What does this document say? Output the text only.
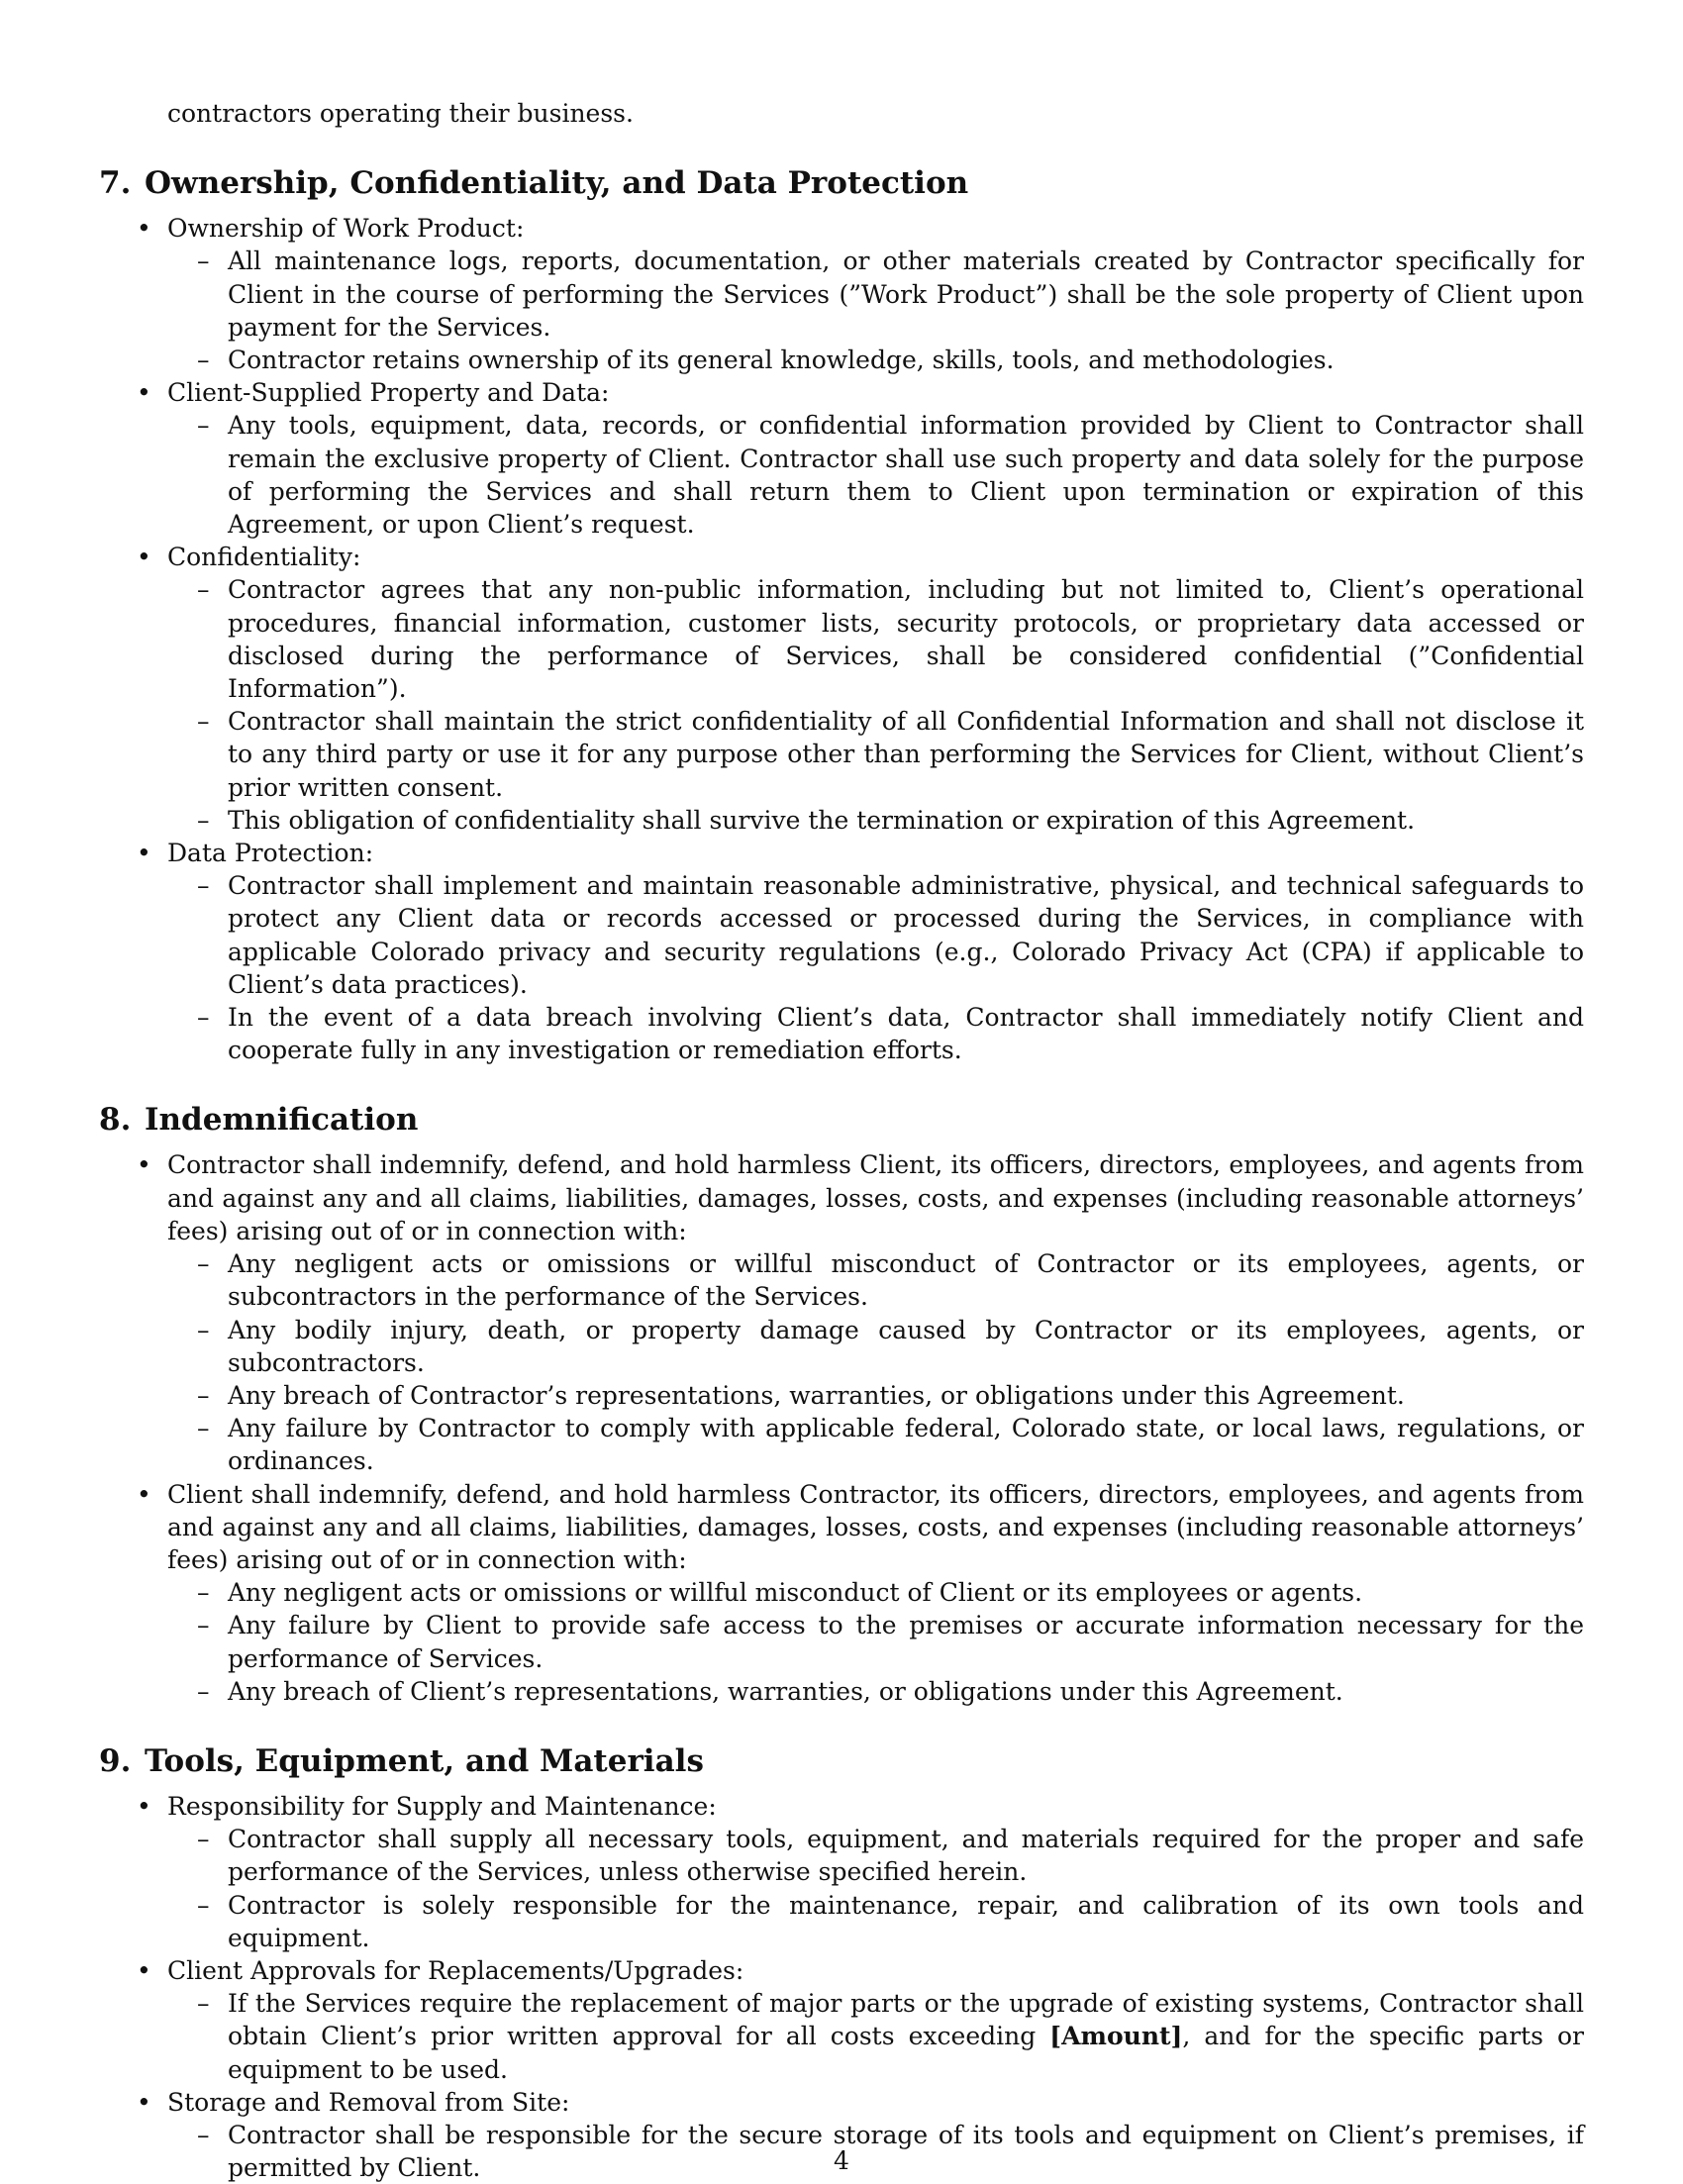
contractors operating their business.
7. Ownership, Confidentiality, and Data Protection
• Ownership of Work Product:
– All maintenance logs, reports, documentation, or other materials created by Contractor specifically for Client in the course of performing the Services (”Work Product”) shall be the sole property of Client upon payment for the Services.
– Contractor retains ownership of its general knowledge, skills, tools, and methodologies.
• Client-Supplied Property and Data:
– Any tools, equipment, data, records, or confidential information provided by Client to Contractor shall remain the exclusive property of Client. Contractor shall use such property and data solely for the purpose of performing the Services and shall return them to Client upon termination or expiration of this Agreement, or upon Client’s request.
• Confidentiality:
– Contractor agrees that any non-public information, including but not limited to, Client’s operational procedures, financial information, customer lists, security protocols, or proprietary data accessed or disclosed during the performance of Services, shall be considered confidential (”Confidential Information”).
– Contractor shall maintain the strict confidentiality of all Confidential Information and shall not disclose it to any third party or use it for any purpose other than performing the Services for Client, without Client’s prior written consent.
– This obligation of confidentiality shall survive the termination or expiration of this Agreement.
• Data Protection:
– Contractor shall implement and maintain reasonable administrative, physical, and technical safeguards to protect any Client data or records accessed or processed during the Services, in compliance with applicable Colorado privacy and security regulations (e.g., Colorado Privacy Act (CPA) if applicable to Client’s data practices).
– In the event of a data breach involving Client’s data, Contractor shall immediately notify Client and cooperate fully in any investigation or remediation efforts.
8. Indemnification
• Contractor shall indemnify, defend, and hold harmless Client, its officers, directors, employees, and agents from and against any and all claims, liabilities, damages, losses, costs, and expenses (including reasonable attorneys’ fees) arising out of or in connection with:
– Any negligent acts or omissions or willful misconduct of Contractor or its employees, agents, or subcontractors in the performance of the Services.
– Any bodily injury, death, or property damage caused by Contractor or its employees, agents, or subcontractors.
– Any breach of Contractor’s representations, warranties, or obligations under this Agreement.
– Any failure by Contractor to comply with applicable federal, Colorado state, or local laws, regulations, or ordinances.
• Client shall indemnify, defend, and hold harmless Contractor, its officers, directors, employees, and agents from and against any and all claims, liabilities, damages, losses, costs, and expenses (including reasonable attorneys’ fees) arising out of or in connection with:
– Any negligent acts or omissions or willful misconduct of Client or its employees or agents.
– Any failure by Client to provide safe access to the premises or accurate information necessary for the performance of Services.
– Any breach of Client’s representations, warranties, or obligations under this Agreement.
9. Tools, Equipment, and Materials
• Responsibility for Supply and Maintenance:
– Contractor shall supply all necessary tools, equipment, and materials required for the proper and safe performance of the Services, unless otherwise specified herein.
– Contractor is solely responsible for the maintenance, repair, and calibration of its own tools and equipment.
• Client Approvals for Replacements/Upgrades:
– If the Services require the replacement of major parts or the upgrade of existing systems, Contractor shall obtain Client’s prior written approval for all costs exceeding [Amount], and for the specific parts or equipment to be used.
• Storage and Removal from Site:
– Contractor shall be responsible for the secure storage of its tools and equipment on Client’s premises, if permitted by Client.	4
